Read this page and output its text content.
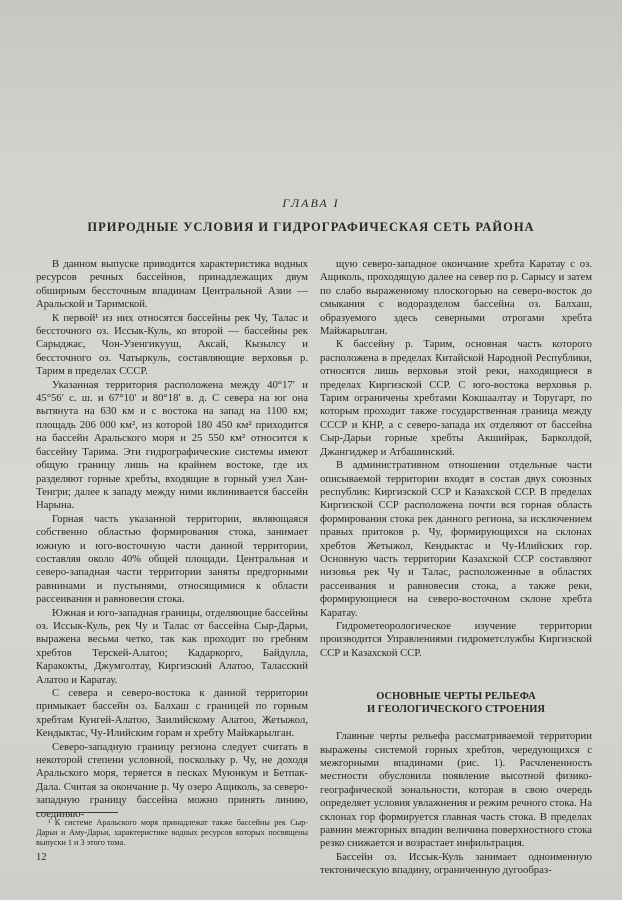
ГЛАВА I
ПРИРОДНЫЕ УСЛОВИЯ И ГИДРОГРАФИЧЕСКАЯ СЕТЬ РАЙОНА

В данном выпуске приводится характеристика водных ресурсов речных бассейнов, принадлежащих двум обширным бессточным впадинам Центральной Азии — Аральской и Таримской.

К первой¹ из них относятся бассейны рек Чу, Талас и бессточного оз. Иссык-Куль, ко второй — бассейны рек Сарыджас, Чон-Узенгикууш, Аксай, Кызылсу и бессточного оз. Чатыркуль, составляющие верховья р. Тарим в пределах СССР.

Указанная территория расположена между 40°17′ и 45°56′ с. ш. и 67°10′ и 80°18′ в. д. С севера на юг она вытянута на 630 км и с востока на запад на 1100 км; площадь 206 000 км², из которой 180 450 км² приходится на бассейн Аральского моря и 25 550 км² относится к бассейну Тарима. Эти гидрографические системы имеют общую границу лишь на крайнем востоке, где их разделяют горные хребты, входящие в горный узел Хан-Тенгри; далее к западу между ними вклинивается бассейн Нарына.

Горная часть указанной территории, являющаяся собственно областью формирования стока, занимает южную и юго-восточную части данной территории, составляя около 40% общей площади. Центральная и северо-западная части территории заняты предгорными равнинами и пустынями, относящимися к области рассеивания и равновесия стока.

Южная и юго-западная границы, отделяющие бассейны оз. Иссык-Куль, рек Чу и Талас от бассейна Сыр-Дарьи, выражена весьма четко, так как проходит по гребням хребтов Терскей-Алатоо; Кадаркорго, Байдулла, Каракокты, Джумголтау, Киргизский Алатоо, Таласский Алатоо и Каратау.

С севера и северо-востока к данной территории примыкает бассейн оз. Балхаш с границей по горным хребтам Кунгей-Алатоо, Заилийскому Алатоо, Жетыжол, Кендыктас, Чу-Илийским горам и хребту Майжарылган.

Северо-западную границу региона следует считать в некоторой степени условной, поскольку р. Чу, не доходя Аральского моря, теряется в песках Муюнкум и Бетпак-Дала. Считая за окончание р. Чу озеро Ащиколь, за северо-западную границу бассейна можно принять линию, соединяю-

щую северо-западное окончание хребта Каратау с оз. Ащиколь, проходящую далее на север по р. Сарысу и затем по слабо выраженному плоскогорью на северо-восток до смыкания с водоразделом бассейна оз. Балхаш, образуемого здесь северными отрогами хребта Майжарылган.

К бассейну р. Тарим, основная часть которого расположена в пределах Китайской Народной Республики, относятся лишь верховья этой реки, находящиеся в пределах Киргизской ССР. С юго-востока верховья р. Тарим ограничены хребтами Кокшаалтау и Торугарт, по которым проходит также государственная граница между СССР и КНР, а с северо-запада их отделяют от бассейна Сыр-Дарьи горные хребты Акшийрак, Барколдой, Джангиджер и Атбашинский.

В административном отношении отдельные части описываемой территории входят в состав двух союзных республик: Киргизской ССР и Казахской ССР. В пределах Киргизской ССР расположена почти вся горная область формирования стока рек данного региона, за исключением правых притоков р. Чу, формирующихся на склонах хребтов Жетыжол, Кендыктас и Чу-Илийских гор. Основную часть территории Казахской ССР составляют низовья рек Чу и Талас, расположенные в областях рассеивания и равновесия стока, а также реки, формирующиеся на северо-восточном склоне хребта Каратау.

Гидрометеорологическое изучение территории производится Управлениями гидрометслужбы Киргизской ССР и Казахской ССР.

ОСНОВНЫЕ ЧЕРТЫ РЕЛЬЕФА
И ГЕОЛОГИЧЕСКОГО СТРОЕНИЯ

Главные черты рельефа рассматриваемой территории выражены системой горных хребтов, чередующихся с межгорными впадинами (рис. 1). Расчлененность местности обусловила появление высотной физико-географической зональности, которая в свою очередь определяет условия увлажнения и режим речного стока. На склонах гор формируется главная часть стока. В пределах равнин межгорных впадин величина поверхностного стока резко снижается и возрастает инфильтрация.

Бассейн оз. Иссык-Куль занимает одноименную тектоническую впадину, ограниченную дугообраз-

¹ К системе Аральского моря принадлежат также бассейны рек Сыр-Дарьи и Аму-Дарьи, характеристике водных ресурсов которых посвящены выпуски 1 и 3 этого тома.

12
